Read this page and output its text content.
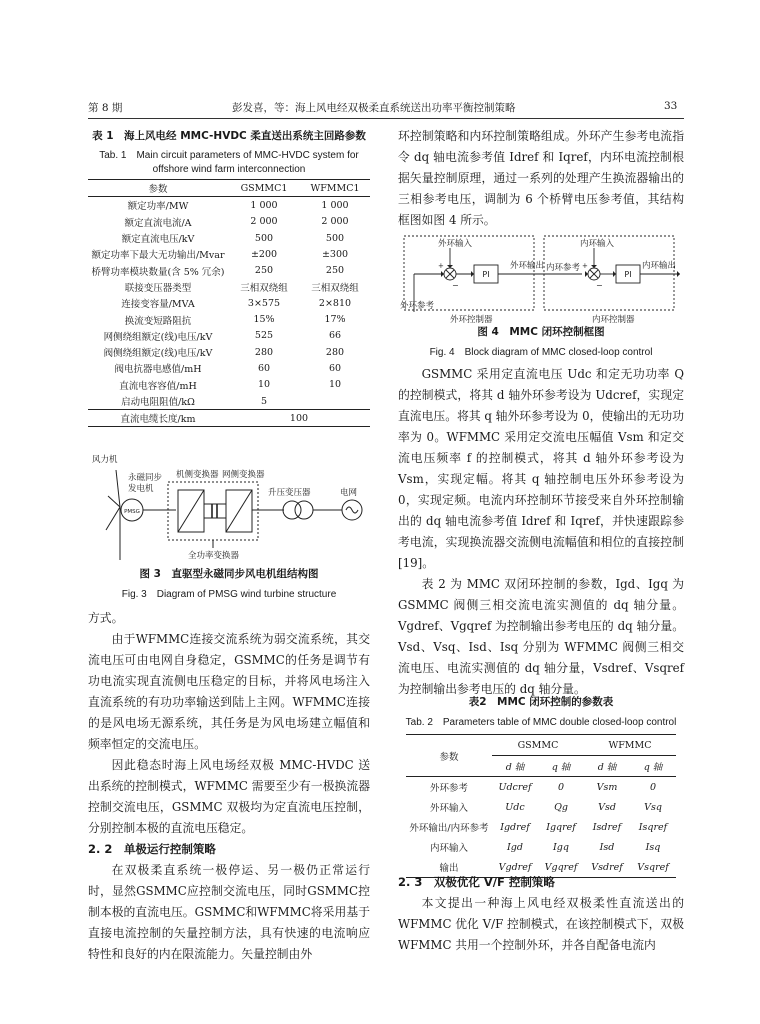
第 8 期	彭发喜，等：海上风电经双极柔直系统送出功率平衡控制策略	33
表 1　海上风电经 MMC-HVDC 柔直送出系统主回路参数
Tab. 1　Main circuit parameters of MMC-HVDC system for
offshore wind farm interconnection
参数	GSMMC1	WFMMC1
额定功率/MW	1 000	1 000
额定直流电流/A	2 000	2 000
额定直流电压/kV	500	500
额定功率下最大无功输出/Mvar	±200	±300
桥臂功率模块数量(含 5% 冗余)	250	250
联接变压器类型	三相双绕组	三相双绕组
连接变容量/MVA	3×575	2×810
换流变短路阻抗	15%	17%
网侧绕组额定(线)电压/kV	525	66
阀侧绕组额定(线)电压/kV	280	280
阀电抗器电感值/mH	60	60
直流电容容值/mH	10	10
启动电阻阻值/kΩ	5	
直流电缆长度/km	100	
PMSG
风力机
永磁同步
发电机
机侧变换器 网侧变换器
升压变压器	电网
全功率变换器
图 3　直驱型永磁同步风电机组结构图
Fig. 3　Diagram of PMSG wind turbine structure

方式。

由于WFMMC连接交流系统为弱交流系统，其交流电压可由电网自身稳定，GSMMC的任务是调节有功电流实现直流侧电压稳定的目标，并将风电场注入直流系统的有功功率输送到陆上主网。WFMMC连接的是风电场无源系统，其任务是为风电场建立幅值和频率恒定的交流电压。

因此稳态时海上风电场经双极 MMC-HVDC 送出系统的控制模式，WFMMC 需要至少有一极换流器控制交流电压，GSMMC 双极均为定直流电压控制，分别控制本极的直流电压稳定。

2. 2　单极运行控制策略

在双极柔直系统一极停运、另一极仍正常运行时，显然GSMMC应控制交流电压，同时GSMMC控制本极的直流电压。GSMMC和WFMMC将采用基于直接电流控制的矢量控制方法，具有快速的电流响应特性和良好的内在限流能力。矢量控制由外

环控制策略和内环控制策略组成。外环产生参考电流指令 dq 轴电流参考值 Idref 和 Iqref，内环电流控制根据矢量控制原理，通过一系列的处理产生换流器输出的三相参考电压，调制为 6 个桥臂电压参考值，其结构框图如图 4 所示。

PI	PI
+
−
+
−
外环输入	内环输入
外环输出 内环参考	内环输出
外环参考
外环控制器	内环控制器
图 4　MMC 闭环控制框图
Fig. 4　Block diagram of MMC closed-loop control

GSMMC 采用定直流电压 Udc 和定无功功率 Q 的控制模式，将其 d 轴外环参考设为 Udcref，实现定直流电压。将其 q 轴外环参考设为 0，使输出的无功功率为 0。WFMMC 采用定交流电压幅值 Vsm 和定交流电压频率 f 的控制模式，将其 d 轴外环参考设为 Vsm，实现定幅。将其 q 轴控制电压外环参考设为 0，实现定频。电流内环控制环节接受来自外环控制输出的 dq 轴电流参考值 Idref 和 Iqref，并快速跟踪参考电流，实现换流器交流侧电流幅值和相位的直接控制[19]。

表 2 为 MMC 双闭环控制的参数，Igd、Igq 为 GSMMC 阀侧三相交流电流实测值的 dq 轴分量。Vgdref、Vgqref 为控制输出参考电压的 dq 轴分量。Vsd、Vsq、Isd、Isq 分别为 WFMMC 阀侧三相交流电压、电流实测值的 dq 轴分量，Vsdref、Vsqref 为控制输出参考电压的 dq 轴分量。

表2　MMC 闭环控制的参数表
Tab. 2　Parameters table of MMC double closed-loop control
参数	GSMMC		WFMMC	
	d 轴	q 轴	d 轴	q 轴
外环参考	Udcref	0	Vsm	0
外环输入	Udc	Qg	Vsd	Vsq
外环输出/内环参考	Igdref	Igqref	Isdref	Isqref
内环输入	Igd	Igq	Isd	Isq
输出	Vgdref	Vgqref	Vsdref	Vsqref
2. 3　双极优化 V/F 控制策略

本文提出一种海上风电经双极柔性直流送出的 WFMMC 优化 V/F 控制模式，在该控制模式下，双极 WFMMC 共用一个控制外环，并各自配备电流内
